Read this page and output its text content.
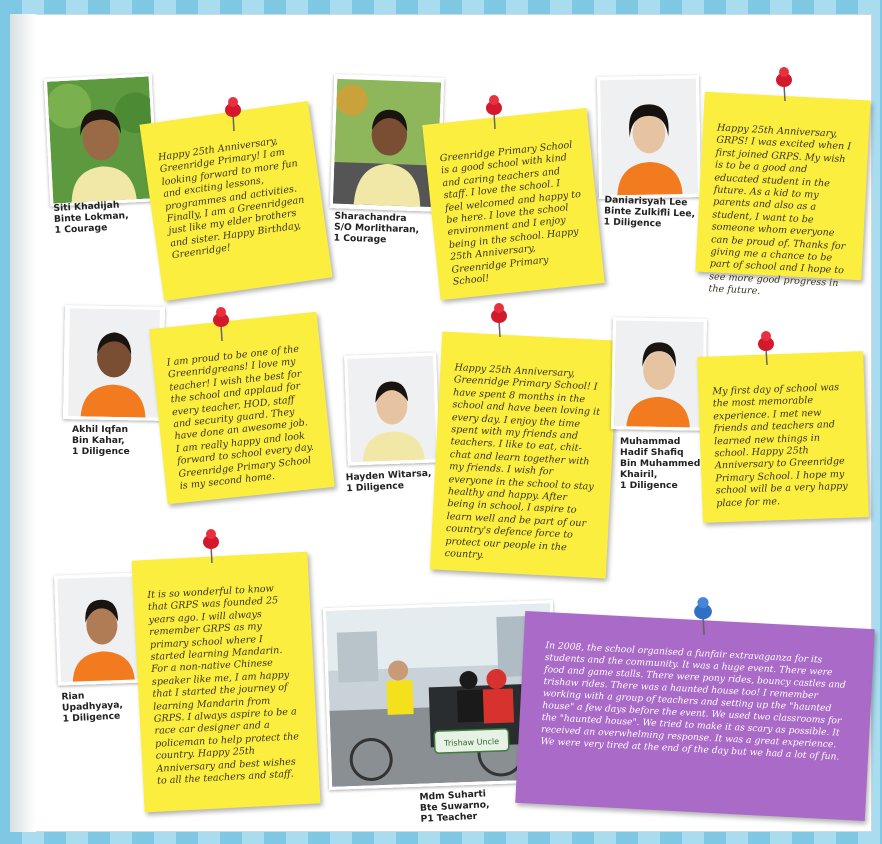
Siti Khadijah
Binte Lokman,
1 Courage
Happy 25th Anniversary, Greenridge Primary! I am looking forward to more fun and exciting lessons, programmes and activities. Finally, I am a Greenridgean just like my elder brothers and sister. Happy Birthday, Greenridge!
Sharachandra
S/O Morlitharan,
1 Courage
Greenridge Primary School is a good school with kind and caring teachers and staff. I love the school. I feel welcomed and happy to be here. I love the school environment and I enjoy being in the school. Happy 25th Anniversary, Greenridge Primary School!
Daniarisyah Lee
Binte Zulkifli Lee,
1 Diligence
Happy 25th Anniversary, GRPS! I was excited when I first joined GRPS. My wish is to be a good and educated student in the future. As a kid to my parents and also as a student, I want to be someone whom everyone can be proud of. Thanks for giving me a chance to be part of school and I hope to see more good progress in the future.
Akhil Iqfan
Bin Kahar,
1 Diligence
I am proud to be one of the Greenridgreans! I love my teacher! I wish the best for the school and applaud for every teacher, HOD, staff and security guard. They have done an awesome job. I am really happy and look forward to school every day. Greenridge Primary School is my second home.	Hayden Witarsa,
1 Diligence
Happy 25th Anniversary, Greenridge Primary School! I have spent 8 months in the school and have been loving it every day. I enjoy the time spent with my friends and teachers. I like to eat, chit-chat and learn together with my friends. I wish for everyone in the school to stay healthy and happy. After being in school, I aspire to learn well and be part of our country's defence force to protect our people in the country.
Muhammad
Hadif Shafiq
Bin Muhammed
Khairil,
1 Diligence
My first day of school was the most memorable experience. I met new friends and teachers and learned new things in school. Happy 25th Anniversary to Greenridge Primary School. I hope my school will be a very happy place for me.
Rian
Upadhyaya,
1 Diligence
It is so wonderful to know that GRPS was founded 25 years ago. I will always remember GRPS as my primary school where I started learning Mandarin. For a non-native Chinese speaker like me, I am happy that I started the journey of learning Mandarin from GRPS. I always aspire to be a race car designer and a policeman to help protect the country. Happy 25th Anniversary and best wishes to all the teachers and staff.
Trishaw Uncle
Mdm Suharti
Bte Suwarno,
P1 Teacher
In 2008, the school organised a funfair extravaganza for its students and the community. It was a huge event. There were food and game stalls. There were pony rides, bouncy castles and trishaw rides. There was a haunted house too! I remember working with a group of teachers and setting up the "haunted house" a few days before the event. We used two classrooms for the "haunted house". We tried to make it as scary as possible. It received an overwhelming response. It was a great experience. We were very tired at the end of the day but we had a lot of fun.
